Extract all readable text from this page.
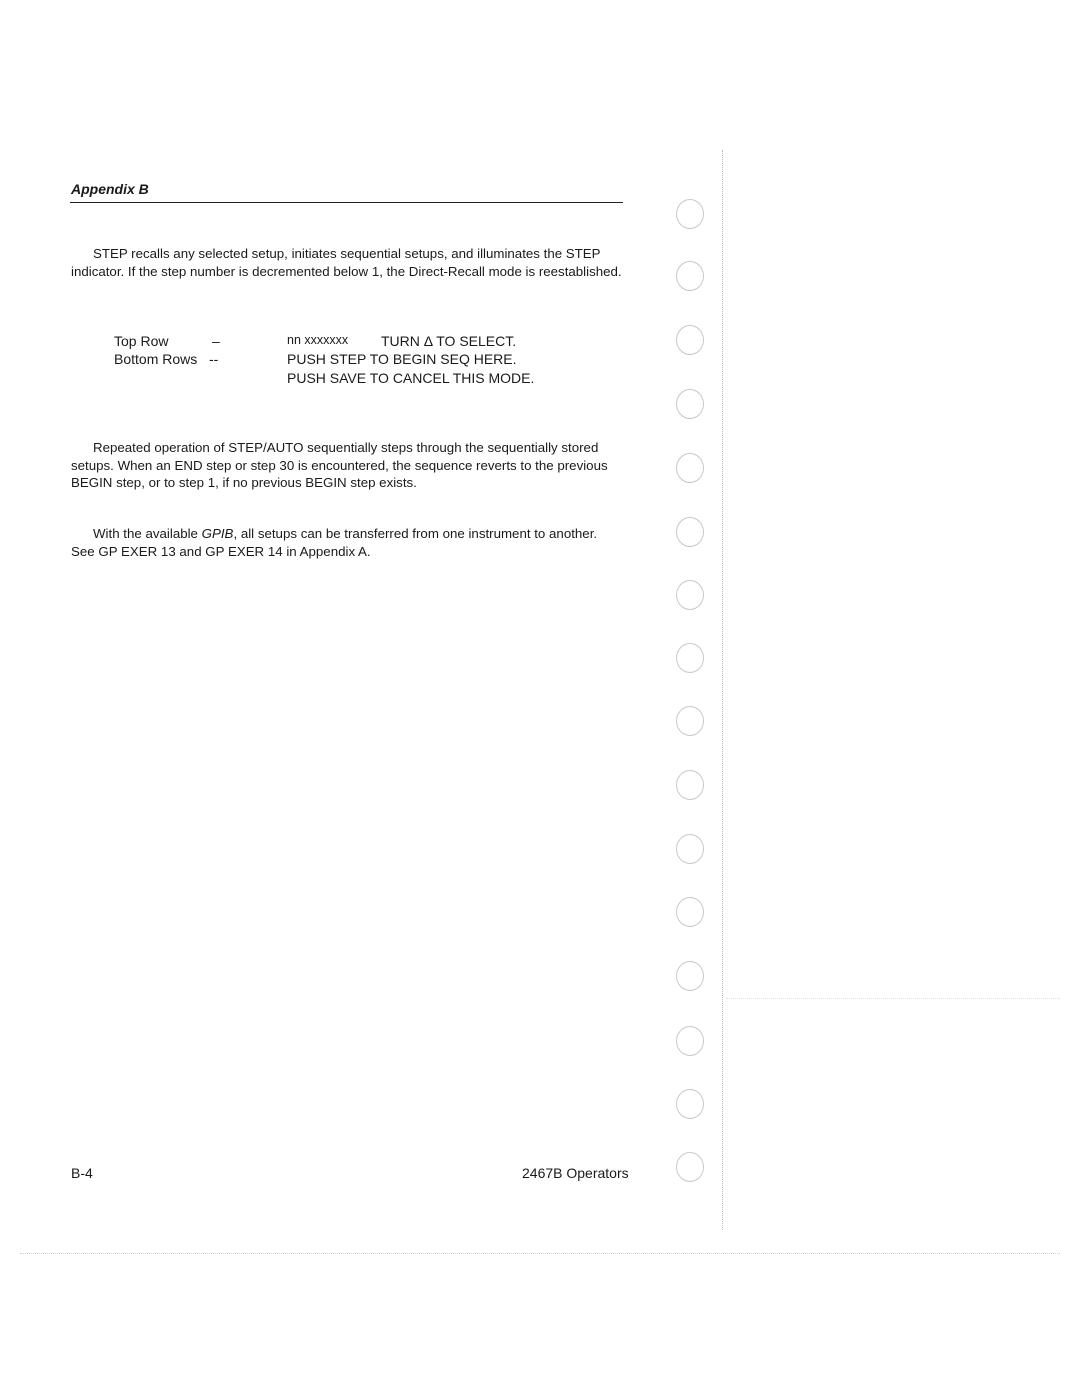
Appendix B

STEP recalls any selected setup, initiates sequential setups, and illuminates the STEP indicator. If the step number is decremented below 1, the Direct-Recall mode is reestablished.

Top Row	–
Bottom Rows --
nn xxxxxxx TURN Δ TO SELECT.
PUSH STEP TO BEGIN SEQ HERE.
PUSH SAVE TO CANCEL THIS MODE.

Repeated operation of STEP/AUTO sequentially steps through the sequentially stored setups. When an END step or step 30 is encountered, the sequence reverts to the previous BEGIN step, or to step 1, if no previous BEGIN step exists.

With the available GPIB, all setups can be transferred from one instrument to another. See GP EXER 13 and GP EXER 14 in Appendix A.

B-4	2467B Operators
